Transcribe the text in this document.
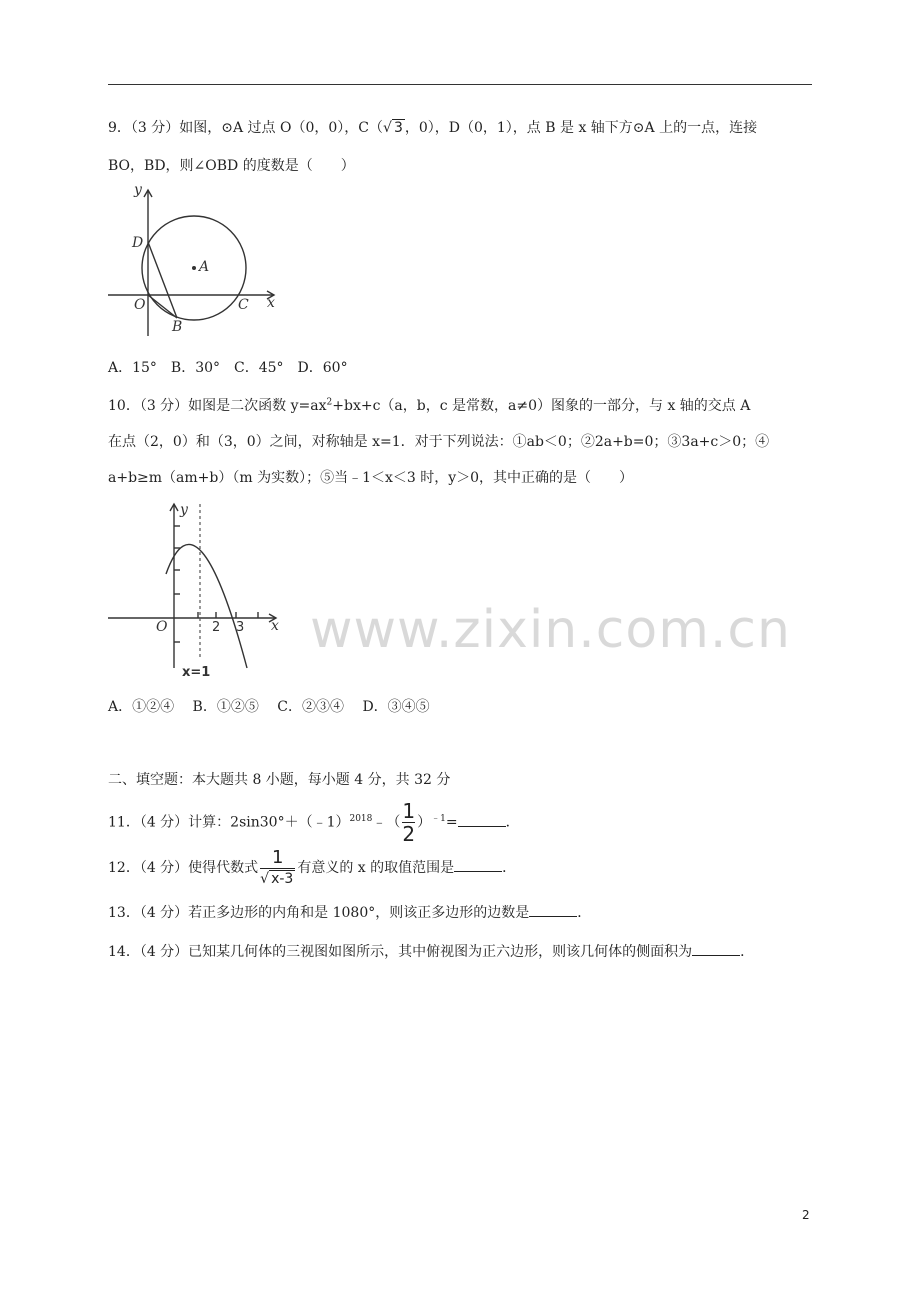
9．（3 分）如图，⊙A 过点 O（0，0），C（√ 3 ，0），D（0，1），点 B 是 x 轴下方⊙A 上的一点，连接
BO，BD，则∠OBD 的度数是（　　）
y
x
D
A
O	C
B
A．15°　B．30°　C．45°　D．60°
10．（3 分）如图是二次函数 $y=ax^2+bx+c(a$，b，c 是常数，a≠0）图象的一部分，与 x 轴的交点 A
在点（2，0）和（3，0）之间，对称轴是 x=1．对于下列说法：①ab＜0；②2a+b=0；③3a+c＞0；④
a+b≥m（am+b）（m 为实数）；⑤当﹣1＜x＜3 时，y＞0，其中正确的是（　　）
y
x
O	2 3
x=1
A．①②④　 B．①②⑤　 C．②③④　 D．③④⑤
二、填空题：本大题共 8 小题，每小题 4 分，共 32 分
11．（4 分）计算：2sin30°＋（﹣1）$^{2018}$﹣（ $\frac{1}{2} )^{﹣1}=$	．
12．（4 分）使得代数式 $\frac{1}{√ x-3}$ 有意义的 x 的取值范围是	．
13．（4 分）若正多边形的内角和是 1080°，则该正多边形的边数是	．
14．（4 分）已知某几何体的三视图如图所示，其中俯视图为正六边形，则该几何体的侧面积为	．
www.zixin.com.cn
2
